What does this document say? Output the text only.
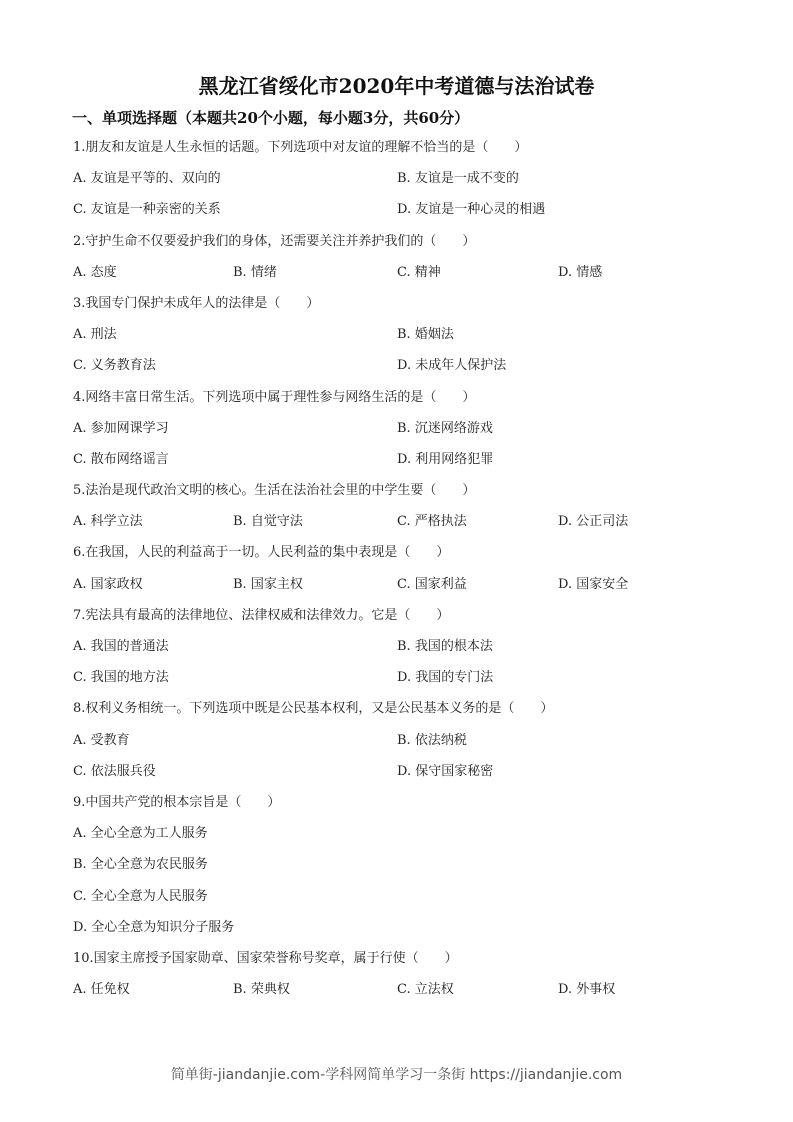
黑龙江省绥化市2020年中考道德与法治试卷
一、单项选择题（本题共20个小题，每小题3分，共60分）
1.朋友和友谊是人生永恒的话题。下列选项中对友谊的理解不恰当的是（　　）
A. 友谊是平等的、双向的	B. 友谊是一成不变的
C. 友谊是一种亲密的关系	D. 友谊是一种心灵的相遇
2.守护生命不仅要爱护我们的身体，还需要关注并养护我们的（　　）
A. 态度	B. 情绪	C. 精神	D. 情感
3.我国专门保护未成年人的法律是（　　）
A. 刑法	B. 婚姻法
C. 义务教育法	D. 未成年人保护法
4.网络丰富日常生活。下列选项中属于理性参与网络生活的是（　　）
A. 参加网课学习	B. 沉迷网络游戏
C. 散布网络谣言	D. 利用网络犯罪
5.法治是现代政治文明的核心。生活在法治社会里的中学生要（　　）
A. 科学立法	B. 自觉守法	C. 严格执法	D. 公正司法
6.在我国，人民的利益高于一切。人民利益的集中表现是（　　）
A. 国家政权	B. 国家主权	C. 国家利益	D. 国家安全
7.宪法具有最高的法律地位、法律权威和法律效力。它是（　　）
A. 我国的普通法	B. 我国的根本法
C. 我国的地方法	D. 我国的专门法
8.权利义务相统一。下列选项中既是公民基本权利，又是公民基本义务的是（　　）
A. 受教育	B. 依法纳税
C. 依法服兵役	D. 保守国家秘密
9.中国共产党的根本宗旨是（　　）
A. 全心全意为工人服务
B. 全心全意为农民服务
C. 全心全意为人民服务
D. 全心全意为知识分子服务
10.国家主席授予国家勋章、国家荣誉称号奖章，属于行使（　　）
A. 任免权	B. 荣典权	C. 立法权	D. 外事权
简单街-jiandanjie.com-学科网简单学习一条街 https://jiandanjie.com
